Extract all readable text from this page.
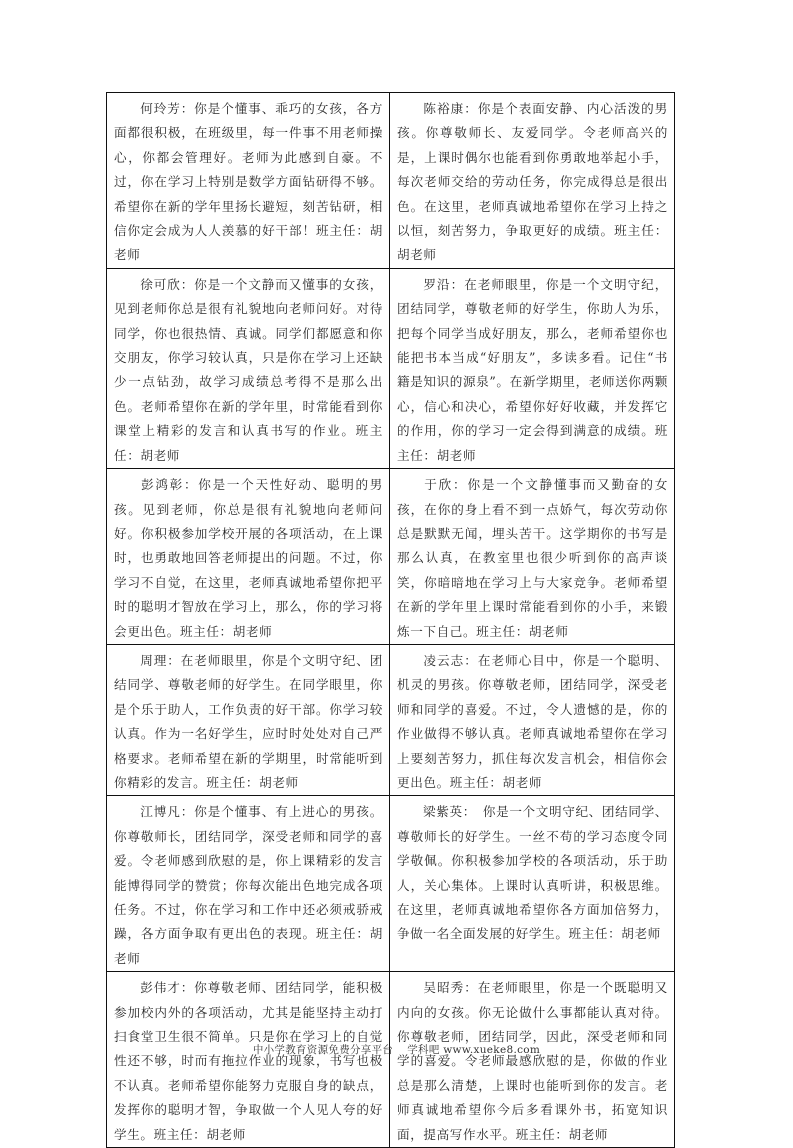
何玲芳：你是个懂事、乖巧的女孩，各方面都很积极，在班级里，每一件事不用老师操心，你都会管理好。老师为此感到自豪。不过，你在学习上特别是数学方面钻研得不够。希望你在新的学年里扬长避短，刻苦钻研，相信你定会成为人人羡慕的好干部！班主任：胡老师	陈裕康：你是个表面安静、内心活泼的男孩。你尊敬师长、友爱同学。令老师高兴的是，上课时偶尔也能看到你勇敢地举起小手，每次老师交给的劳动任务，你完成得总是很出色。在这里，老师真诚地希望你在学习上持之以恒，刻苦努力，争取更好的成绩。班主任：胡老师
徐可欣：你是一个文静而又懂事的女孩，见到老师你总是很有礼貌地向老师问好。对待同学，你也很热情、真诚。同学们都愿意和你交朋友，你学习较认真，只是你在学习上还缺少一点钻劲，故学习成绩总考得不是那么出色。老师希望你在新的学年里，时常能看到你课堂上精彩的发言和认真书写的作业。班主任：胡老师	罗沿：在老师眼里，你是一个文明守纪，团结同学，尊敬老师的好学生，你助人为乐，把每个同学当成好朋友，那么，老师希望你也能把书本当成“好朋友”，多读多看。记住“书籍是知识的源泉”。在新学期里，老师送你两颗心，信心和决心，希望你好好收藏，并发挥它的作用，你的学习一定会得到满意的成绩。班主任：胡老师
彭鸿彰：你是一个天性好动、聪明的男孩。见到老师，你总是很有礼貌地向老师问好。你积极参加学校开展的各项活动，在上课时，也勇敢地回答老师提出的问题。不过，你学习不自觉，在这里，老师真诚地希望你把平时的聪明才智放在学习上，那么，你的学习将会更出色。班主任：胡老师	于欣：你是一个文静懂事而又勤奋的女孩，在你的身上看不到一点娇气，每次劳动你总是默默无闻，埋头苦干。这学期你的书写是那么认真，在教室里也很少听到你的高声谈笑，你暗暗地在学习上与大家竞争。老师希望在新的学年里上课时常能看到你的小手，来锻炼一下自己。班主任：胡老师
周理：在老师眼里，你是个文明守纪、团结同学、尊敬老师的好学生。在同学眼里，你是个乐于助人，工作负责的好干部。你学习较认真。作为一名好学生，应时时处处对自己严格要求。老师希望在新的学期里，时常能听到你精彩的发言。班主任：胡老师	凌云志：在老师心目中，你是一个聪明、机灵的男孩。你尊敬老师，团结同学，深受老师和同学的喜爱。不过，令人遗憾的是，你的作业做得不够认真。老师真诚地希望你在学习上要刻苦努力，抓住每次发言机会，相信你会更出色。班主任：胡老师
江博凡：你是个懂事、有上进心的男孩。你尊敬师长，团结同学，深受老师和同学的喜爱。令老师感到欣慰的是，你上课精彩的发言能博得同学的赞赏；你每次能出色地完成各项任务。不过，你在学习和工作中还必须戒骄戒躁，各方面争取有更出色的表现。班主任：胡老师	梁紫英：　你是一个文明守纪、团结同学、尊敬师长的好学生。一丝不苟的学习态度令同学敬佩。你积极参加学校的各项活动，乐于助人，关心集体。上课时认真听讲，积极思维。在这里，老师真诚地希望你各方面加倍努力，争做一名全面发展的好学生。班主任：胡老师
彭伟才：你尊敬老师、团结同学，能积极参加校内外的各项活动，尤其是能坚持主动打扫食堂卫生很不简单。只是你在学习上的自觉性还不够，时而有拖拉作业的现象，书写也极不认真。老师希望你能努力克服自身的缺点，发挥你的聪明才智，争取做一个人见人夸的好学生。班主任：胡老师	吴昭秀：在老师眼里，你是一个既聪明又内向的女孩。你无论做什么事都能认真对待。你尊敬老师，团结同学，因此，深受老师和同学的喜爱。令老师最感欣慰的是，你做的作业总是那么清楚，上课时也能听到你的发言。老师真诚地希望你今后多看课外书，拓宽知识面，提高写作水平。班主任：胡老师
中小学教育资源免费分享平台 学科吧 www.xueke8.com
